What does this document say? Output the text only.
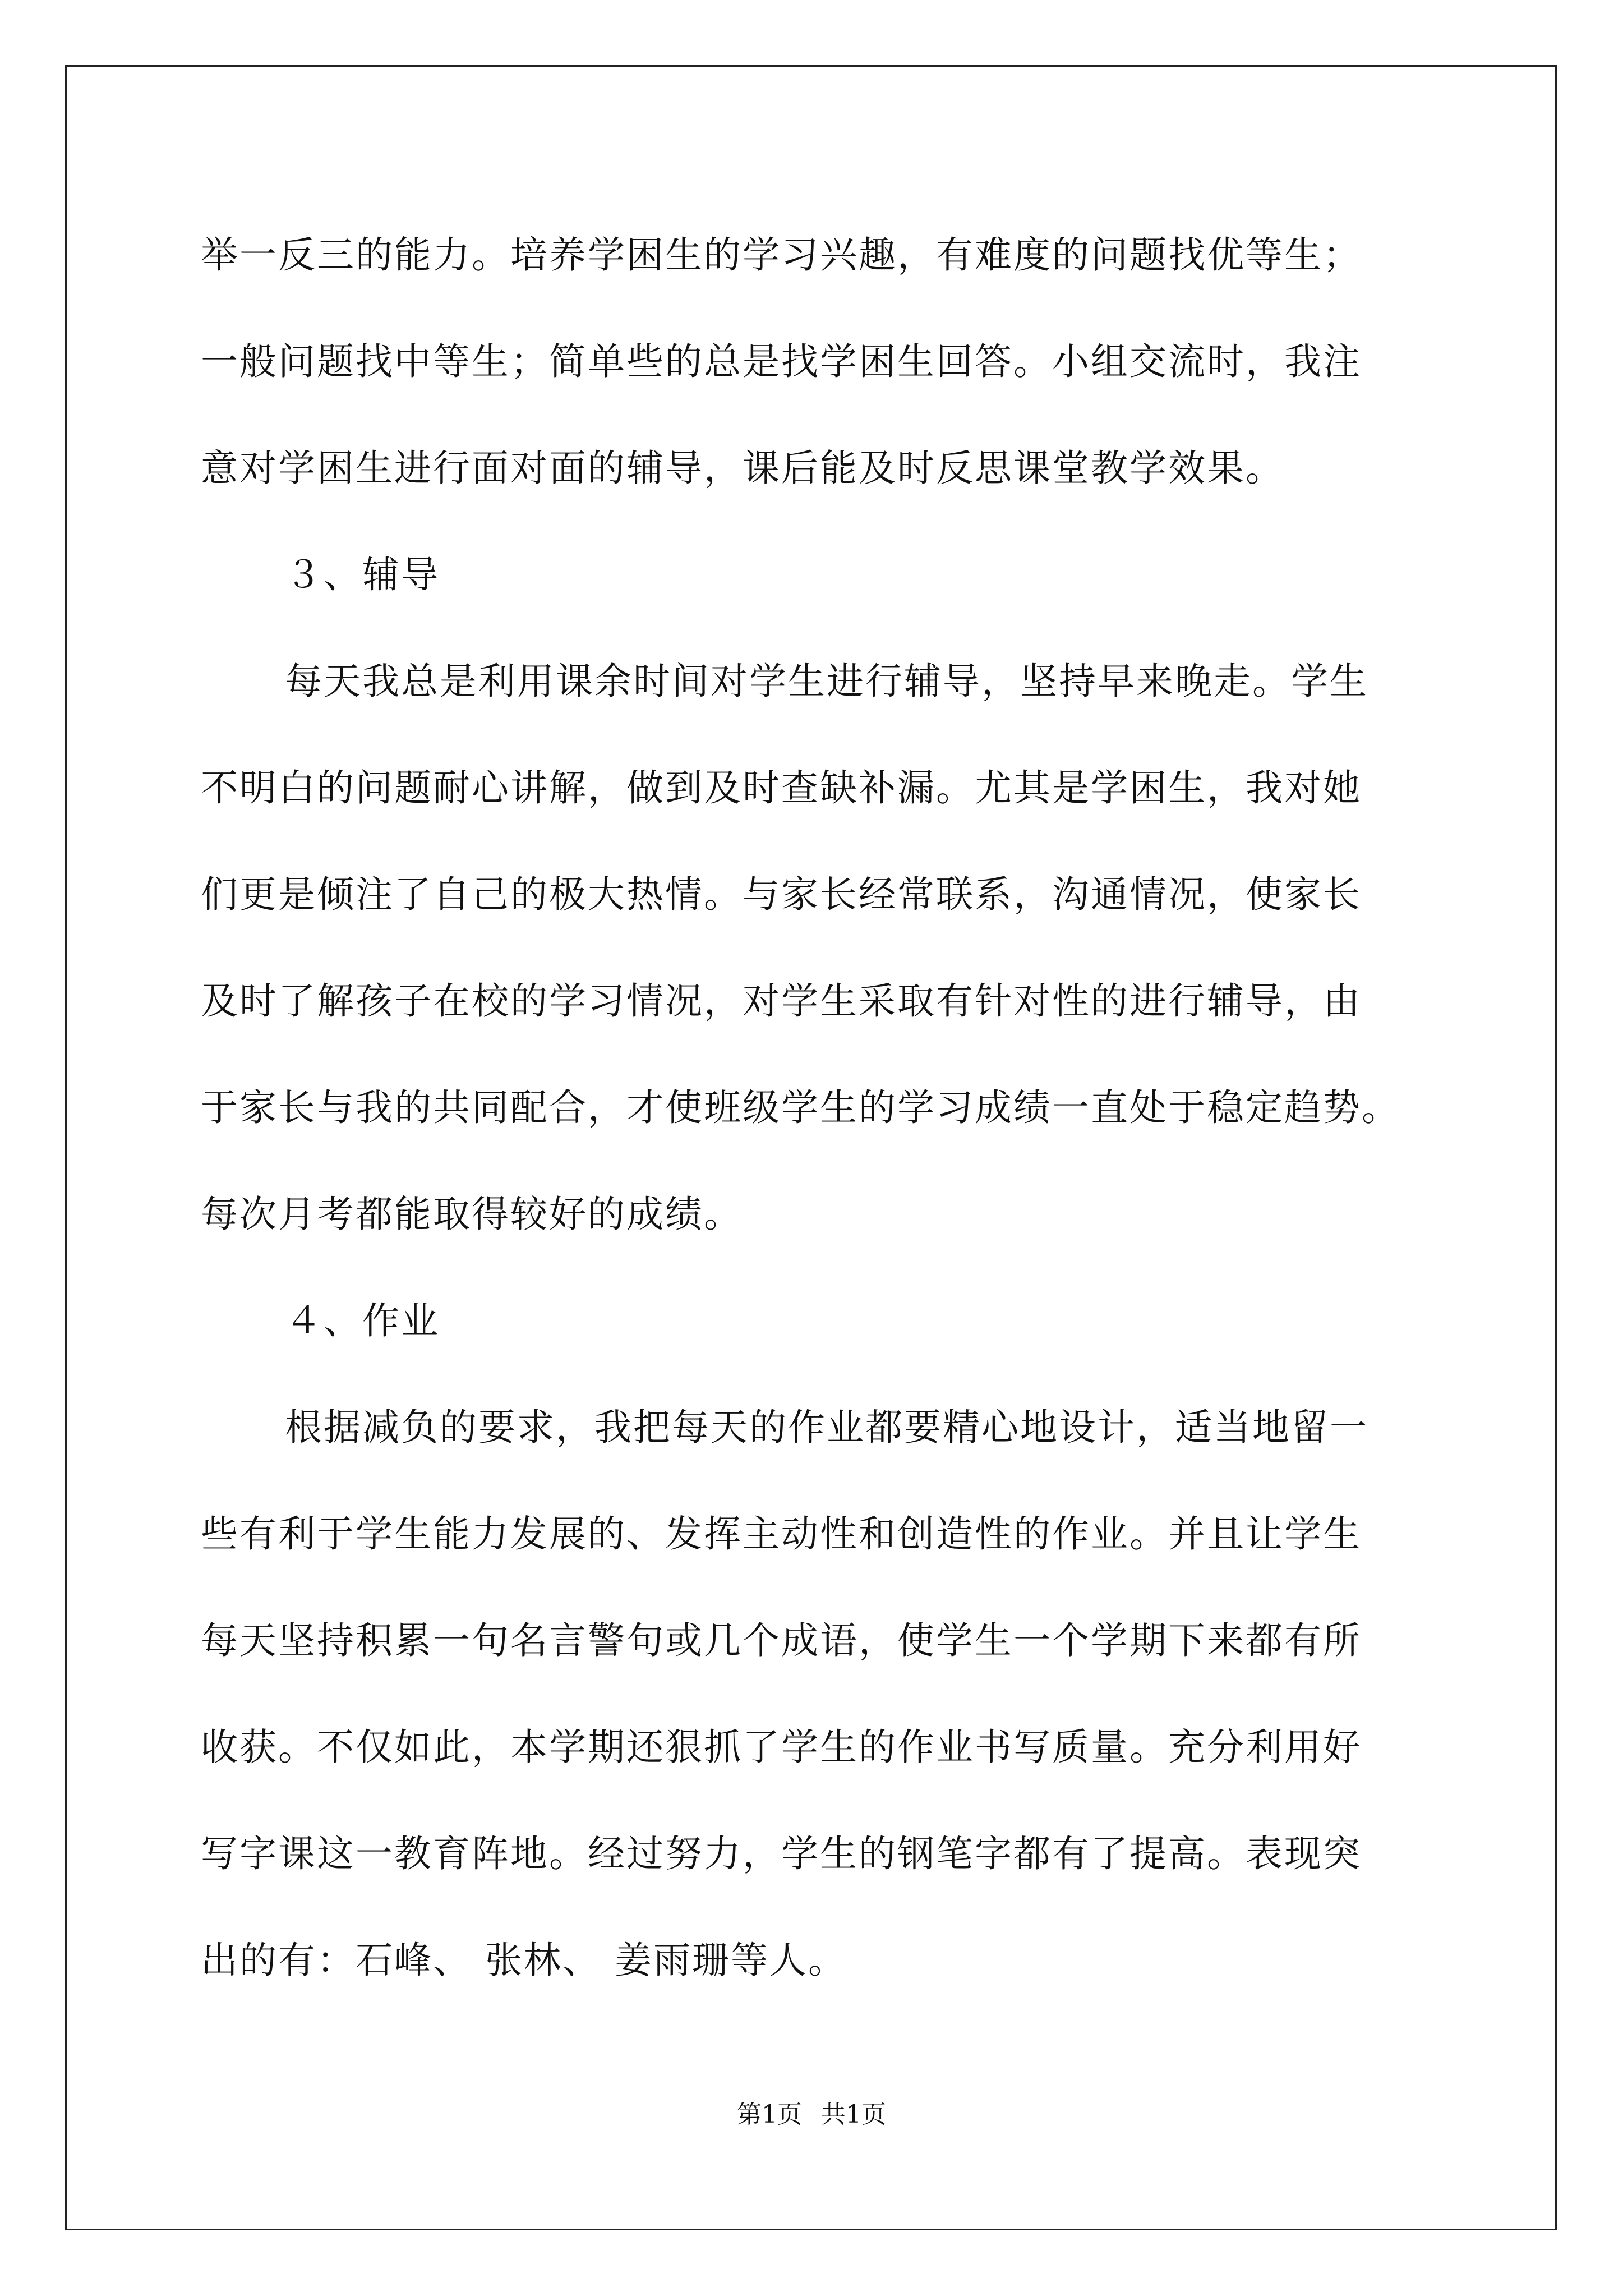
举一反三的能力。培养学困生的学习兴趣，有难度的问题找优等生；
一般问题找中等生；简单些的总是找学困生回答。小组交流时，我注
意对学困生进行面对面的辅导，课后能及时反思课堂教学效果。
３、辅导
每天我总是利用课余时间对学生进行辅导，坚持早来晚走。学生
不明白的问题耐心讲解，做到及时查缺补漏。尤其是学困生，我对她
们更是倾注了自己的极大热情。与家长经常联系，沟通情况，使家长
及时了解孩子在校的学习情况，对学生采取有针对性的进行辅导，由
于家长与我的共同配合，才使班级学生的学习成绩一直处于稳定趋势。
每次月考都能取得较好的成绩。
４、作业
根据减负的要求，我把每天的作业都要精心地设计，适当地留一
些有利于学生能力发展的、发挥主动性和创造性的作业。并且让学生
每天坚持积累一句名言警句或几个成语，使学生一个学期下来都有所
收获。不仅如此，本学期还狠抓了学生的作业书写质量。充分利用好
写字课这一教育阵地。经过努力，学生的钢笔字都有了提高。表现突
出的有：石峰、 张林、 姜雨珊等人。
第1页 共1页
